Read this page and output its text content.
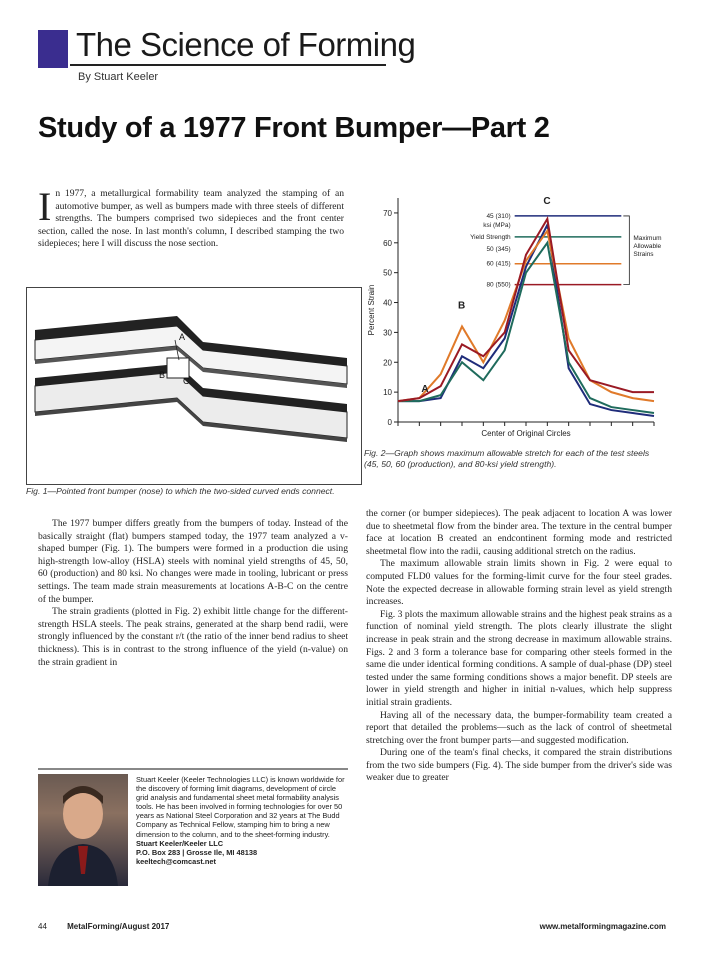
The Science of Forming
By Stuart Keeler
Study of a 1977 Front Bumper—Part 2
In 1977, a metallurgical formability team analyzed the stamping of an automotive bumper, as well as bumpers made with three steels of different strengths. The bumpers comprised two sidepieces and the front center section, called the nose. In last month's column, I described stamping the two sidepieces; here I will discuss the nose section.
A
B
C
Fig. 1—Pointed front bumper (nose) to which the two-sided curved ends connect.

The 1977 bumper differs greatly from the bumpers of today. Instead of the basically straight (flat) bumpers stamped today, the 1977 team analyzed a v-shaped bumper (Fig. 1). The bumpers were formed in a production die using high-strength low-alloy (HSLA) steels with nominal yield strengths of 45, 50, 60 (production) and 80 ksi. No changes were made in tooling, lubricant or press settings. The team made strain measurements at locations A-B-C on the centre of the bumper.

The strain gradients (plotted in Fig. 2) exhibit little change for the different-strength HSLA steels. The peak strains, generated at the sharp bend radii, were strongly influenced by the constant r/t (the ratio of the inner bend radius to sheet thickness). This is in contrast to the strong influence of the yield (n-value) on the strain gradient in

Stuart Keeler (Keeler Technologies LLC) is known worldwide for the discovery of forming limit diagrams, development of circle grid analysis and fundamental sheet metal formability analysis tools. He has been involved in forming technologies for over 50 years as National Steel Corporation and 32 years at The Budd Company as Technical Fellow, stamping him to bring a new dimension to the column, and to the sheet-forming industry.
Stuart Keeler/Keeler LLC
P.O. Box 283 | Grosse Ile, MI 48138
keeltech@comcast.net
0
10
20
30
40
50
60
70
Center of Original Circles
Percent Strain
A
B
C
45 (310)
ksi (MPa)
Yield Strength
50 (345)
60 (415)
80 (550)
Maximum
Allowable
Strains
Fig. 2—Graph shows maximum allowable stretch for each of the test steels (45, 50, 60 (production), and 80-ksi yield strength).

the corner (or bumper sidepieces). The peak adjacent to location A was lower due to sheetmetal flow from the binder area. The texture in the central bumper face at location B created an endcontinent forming mode and restricted sheetmetal flow into the radii, causing additional stretch on the radius.

The maximum allowable strain limits shown in Fig. 2 were equal to computed FLD0 values for the forming-limit curve for the four steel grades. Note the expected decrease in allowable forming strain level as yield strength increases.

Fig. 3 plots the maximum allowable strains and the highest peak strains as a function of nominal yield strength. The plots clearly illustrate the slight increase in peak strain and the strong decrease in maximum allowable strains. Figs. 2 and 3 form a tolerance base for comparing other steels formed in the same die under identical forming conditions. A sample of dual-phase (DP) steel tested under the same forming conditions shows a major benefit. DP steels are lower in yield strength and higher in initial n-values, which help suppress initial strain gradients.

Having all of the necessary data, the bumper-formability team created a report that detailed the problems—such as the lack of control of sheetmetal stretching over the front bumper parts—and suggested modification.

During one of the team's final checks, it compared the strain distributions from the two side bumpers (Fig. 4). The side bumper from the driver's side was weaker due to greater

44	MetalForming/August 2017	www.metalformingmagazine.com
